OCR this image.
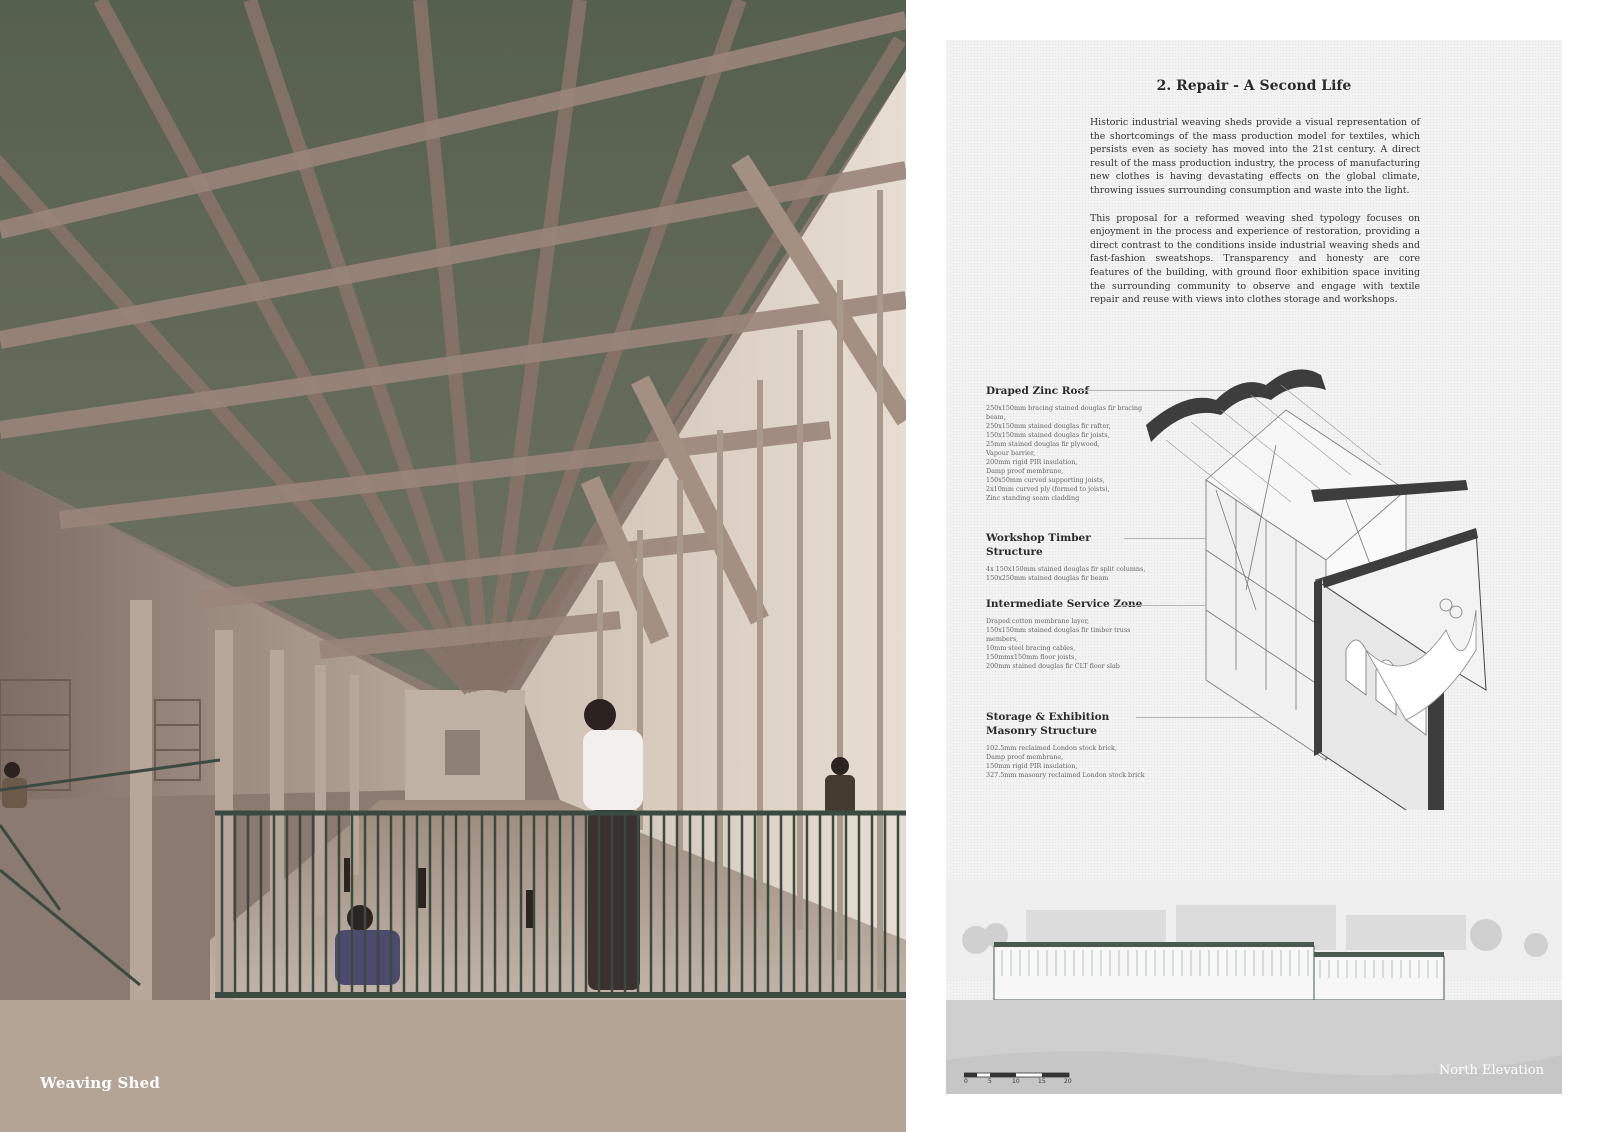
Weaving Shed
2. Repair - A Second Life

Historic industrial weaving sheds provide a visual representation of the shortcomings of the mass production model for textiles, which persists even as society has moved into the 21st century. A direct result of the mass production industry, the process of manufacturing new clothes is having devastating effects on the global climate, throwing issues surrounding consumption and waste into the light.

This proposal for a reformed weaving shed typology focuses on enjoyment in the process and experience of restoration, providing a direct contrast to the conditions inside industrial weaving sheds and fast-fashion sweatshops. Transparency and honesty are core features of the building, with ground floor exhibition space inviting the surrounding community to observe and engage with textile repair and reuse with views into clothes storage and workshops.

Draped Zinc Roof
250x150mm bracing stained douglas fir bracing beam,
250x150mm stained douglas fir rafter,
150x150mm stained douglas fir joists,
25mm stained douglas fir plywood,
Vapour barrier,
200mm rigid PIR insulation,
Damp proof membrane,
150x50mm curved supporting joists,
2x10mm curved ply (formed to joists),
Zinc standing seam cladding
Workshop Timber Structure
4x 150x150mm stained douglas fir split columns,
150x250mm stained douglas fir beam
Intermediate Service Zone
Draped cotton membrane layer,
150x150mm stained douglas fir timber truss members,
10mm steel bracing cables,
150mmx150mm floor joists,
200mm stained douglas fir CLT floor slab
Storage & Exhibition Masonry Structure
102.5mm reclaimed London stock brick,
Damp proof membrane,
150mm rigid PIR insulation,
327.5mm masonry reclaimed London stock brick
0	5	10	15	20
North Elevation
